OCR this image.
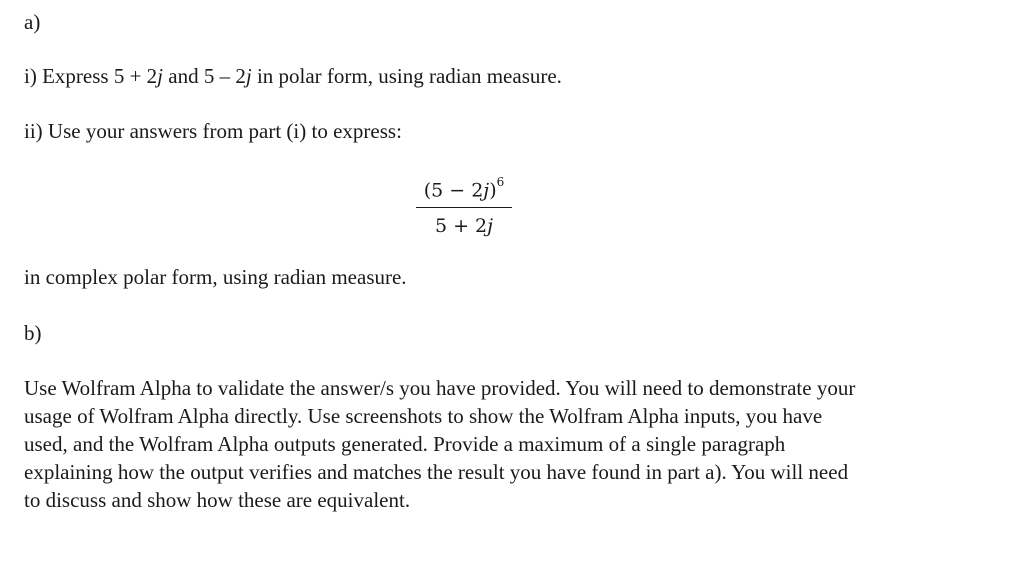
a)
i) Express 5 + 2j and 5 – 2j in polar form, using radian measure.
ii) Use your answers from part (i) to express:
(5 − 2𝑗)$^6$
5 + 2𝑗
in complex polar form, using radian measure.
b)
Use Wolfram Alpha to validate the answer/s you have provided. You will need to demonstrate your
usage of Wolfram Alpha directly. Use screenshots to show the Wolfram Alpha inputs, you have
used, and the Wolfram Alpha outputs generated. Provide a maximum of a single paragraph
explaining how the output verifies and matches the result you have found in part a). You will need
to discuss and show how these are equivalent.
